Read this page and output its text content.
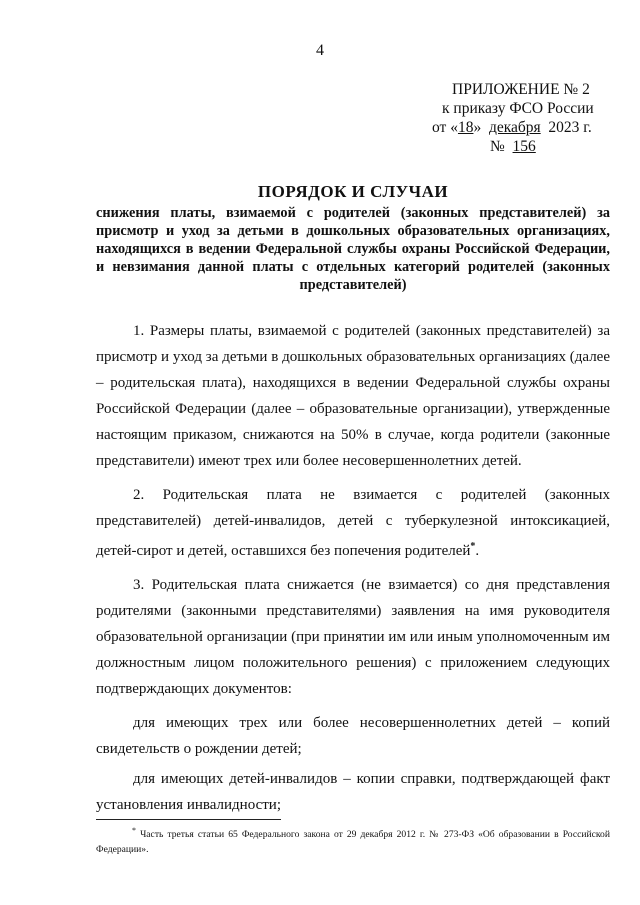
4
ПРИЛОЖЕНИЕ № 2
к приказу ФСО России
от «18» декабря 2023 г.
№ 156
ПОРЯДОК И СЛУЧАИ
снижения платы, взимаемой с родителей (законных представителей) за присмотр и уход за детьми в дошкольных образовательных организациях, находящихся в ведении Федеральной службы охраны Российской Федерации, и невзимания данной платы с отдельных категорий родителей (законных представителей)

1. Размеры платы, взимаемой с родителей (законных представителей) за присмотр и уход за детьми в дошкольных образовательных организациях (далее – родительская плата), находящихся в ведении Федеральной службы охраны Российской Федерации (далее – образовательные организации), утвержденные настоящим приказом, снижаются на 50% в случае, когда родители (законные представители) имеют трех или более несовершеннолетних детей.

2. Родительская плата не взимается с родителей (законных представителей) детей-инвалидов, детей с туберкулезной интоксикацией, детей-сирот и детей, оставшихся без попечения родителей*.

3. Родительская плата снижается (не взимается) со дня представления родителями (законными представителями) заявления на имя руководителя образовательной организации (при принятии им или иным уполномоченным им должностным лицом положительного решения) с приложением следующих подтверждающих документов:

для имеющих трех или более несовершеннолетних детей – копий свидетельств о рождении детей;

для имеющих детей-инвалидов – копии справки, подтверждающей факт установления инвалидности;

* Часть третья статьи 65 Федерального закона от 29 декабря 2012 г. № 273-ФЗ «Об образовании в Российской Федерации».
